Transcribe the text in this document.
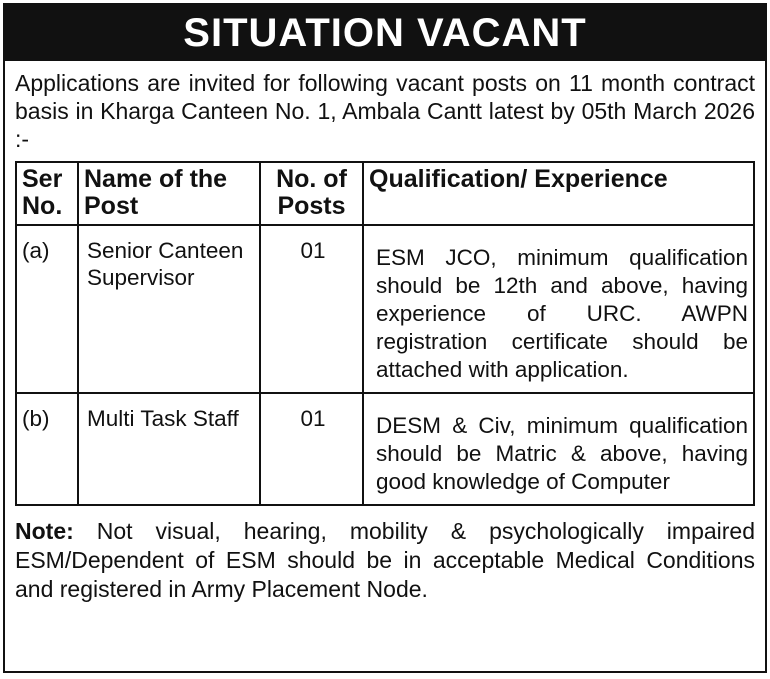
SITUATION VACANT
Applications are invited for following vacant posts on 11 month contract basis in Kharga Canteen No. 1, Ambala Cantt latest by 05th March 2026 :-
Ser No.	Name of the Post	No. of Posts	Qualification/ Experience
(a)	Senior Canteen Supervisor	01	ESM JCO, minimum qualification should be 12th and above, having experience of URC. AWPN registration certificate should be attached with application.
(b)	Multi Task Staff	01	DESM & Civ, minimum qualification should be Matric & above, having good knowledge of Computer
Note: Not visual, hearing, mobility & psychologically impaired ESM/Dependent of ESM should be in acceptable Medical Conditions and registered in Army Placement Node.
